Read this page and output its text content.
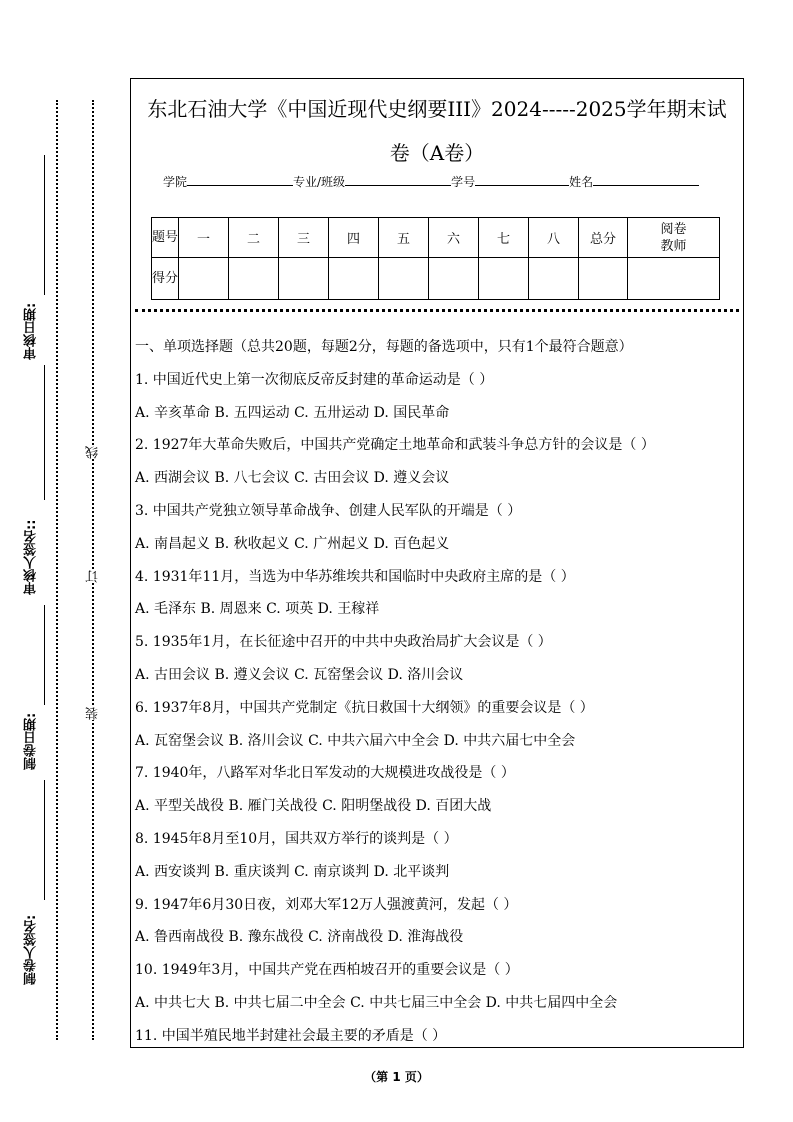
审核日期:
审核人签名::
制卷日期:
制卷人签名:
线
订
装
东北石油大学《中国近现代史纲要III》2024-----2025学年期末试
卷（A卷）
学院	专业/班级	学号	姓名
题号	一	二	三	四	五	六	七	八	总分	阅卷教师
得分										
一、单项选择题（总共20题，每题2分，每题的备选项中，只有1个最符合题意）
1. 中国近代史上第一次彻底反帝反封建的革命运动是（ ）
A. 辛亥革命 B. 五四运动 C. 五卅运动 D. 国民革命
2. 1927年大革命失败后，中国共产党确定土地革命和武装斗争总方针的会议是（ ）
A. 西湖会议 B. 八七会议 C. 古田会议 D. 遵义会议
3. 中国共产党独立领导革命战争、创建人民军队的开端是（ ）
A. 南昌起义 B. 秋收起义 C. 广州起义 D. 百色起义
4. 1931年11月，当选为中华苏维埃共和国临时中央政府主席的是（ ）
A. 毛泽东 B. 周恩来 C. 项英 D. 王稼祥
5. 1935年1月，在长征途中召开的中共中央政治局扩大会议是（ ）
A. 古田会议 B. 遵义会议 C. 瓦窑堡会议 D. 洛川会议
6. 1937年8月，中国共产党制定《抗日救国十大纲领》的重要会议是（ ）
A. 瓦窑堡会议 B. 洛川会议 C. 中共六届六中全会 D. 中共六届七中全会
7. 1940年，八路军对华北日军发动的大规模进攻战役是（ ）
A. 平型关战役 B. 雁门关战役 C. 阳明堡战役 D. 百团大战
8. 1945年8月至10月，国共双方举行的谈判是（ ）
A. 西安谈判 B. 重庆谈判 C. 南京谈判 D. 北平谈判
9. 1947年6月30日夜，刘邓大军12万人强渡黄河，发起（ ）
A. 鲁西南战役 B. 豫东战役 C. 济南战役 D. 淮海战役
10. 1949年3月，中国共产党在西柏坡召开的重要会议是（ ）
A. 中共七大 B. 中共七届二中全会 C. 中共七届三中全会 D. 中共七届四中全会
11. 中国半殖民地半封建社会最主要的矛盾是（ ）
（第 1 页）
